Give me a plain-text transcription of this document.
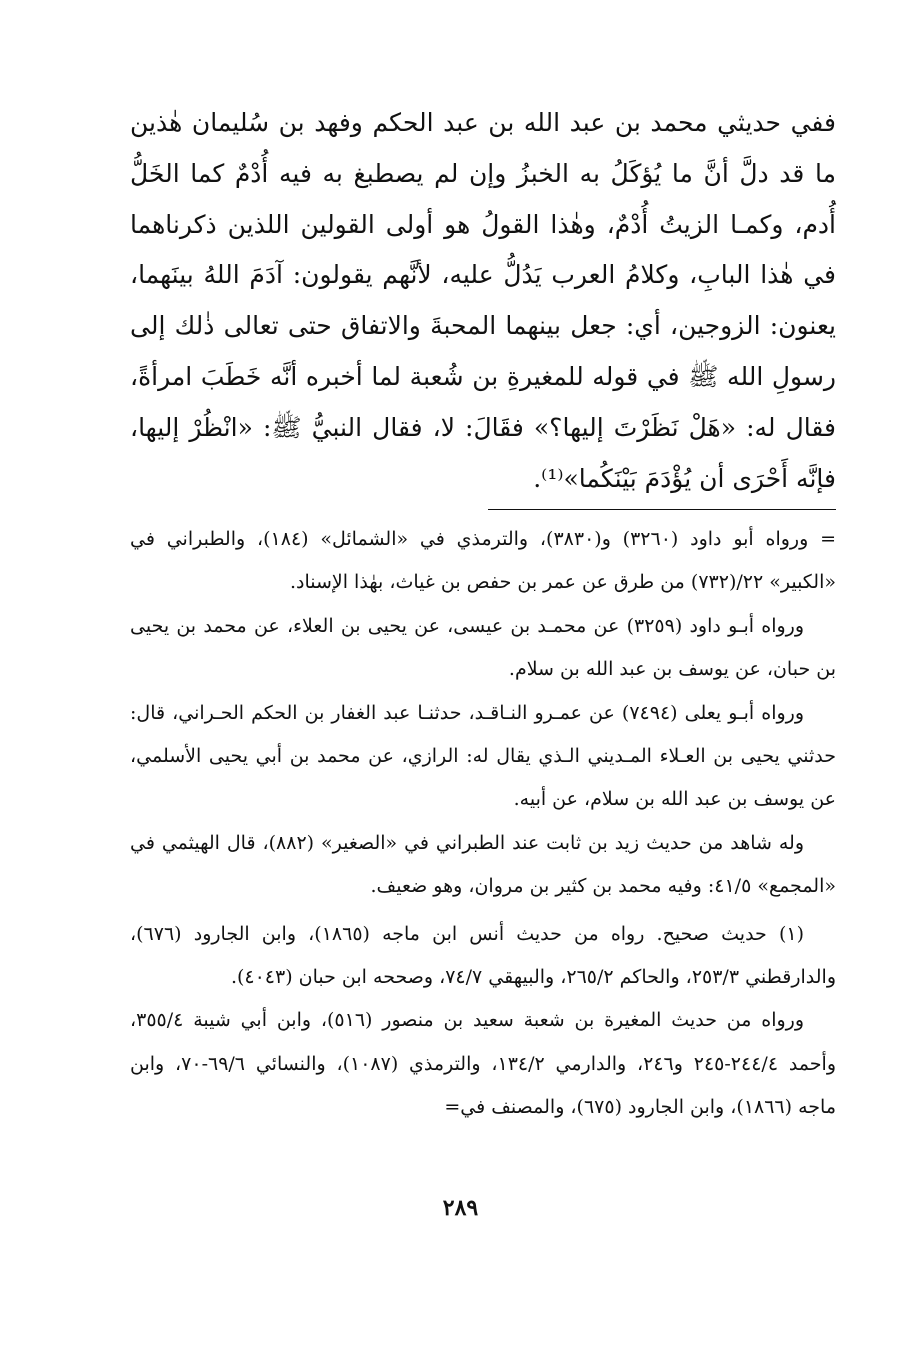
ففي حديثي محمد بن عبد الله بن عبد الحكم وفهد بن سُليمان هٰذين ما قد دلَّ أنَّ ما يُؤكَلُ به الخبزُ وإن لم يصطبغ به فيه أُدْمٌ كما الخَلُّ أُدم، وكمـا الزيتُ أُدْمٌ، وهٰذا القولُ هو أولى القولين اللذين ذكرناهما في هٰذا البابِ، وكلامُ العرب يَدُلُّ عليه، لأنَّهم يقولون: آدَمَ اللهُ بينَهما، يعنون: الزوجين، أي: جعل بينهما المحبةَ والاتفاق حتى تعالى ذٰلك إلى رسولِ الله ﷺ في قوله للمغيرةِ بن شُعبة لما أخبره أنَّه خَطَبَ امرأةً، فقال له: «هَلْ نَظَرْتَ إليها؟» فقَالَ: لا، فقال النبيُّ ﷺ: «انْظُرْ إليها، فإنَّه أَحْرَى أن يُؤْدَمَ بَيْنَكُما»⁽¹⁾.

= ورواه أبو داود (٣٢٦٠) و(٣٨٣٠)، والترمذي في «الشمائل» (١٨٤)، والطبراني في «الكبير» ٢٢/(٧٣٢) من طرق عن عمر بن حفص بن غياث، بهٰذا الإسناد.

ورواه أبـو داود (٣٢٥٩) عن محمـد بن عيسى، عن يحيى بن العلاء، عن محمد بن يحيى بن حبان، عن يوسف بن عبد الله بن سلام.

ورواه أبـو يعلى (٧٤٩٤) عن عمـرو النـاقـد، حدثنـا عبد الغفار بن الحكم الحـراني، قال: حدثني يحيى بن العـلاء المـديني الـذي يقال له: الرازي، عن محمد بن أبي يحيى الأسلمي، عن يوسف بن عبد الله بن سلام، عن أبيه.

وله شاهد من حديث زيد بن ثابت عند الطبراني في «الصغير» (٨٨٢)، قال الهيثمي في «المجمع» ٤١/٥: وفيه محمد بن كثير بن مروان، وهو ضعيف.

(١) حديث صحيح. رواه من حديث أنس ابن ماجه (١٨٦٥)، وابن الجارود (٦٧٦)، والدارقطني ٢٥٣/٣، والحاكم ٢٦٥/٢، والبيهقي ٧٤/٧، وصححه ابن حبان (٤٠٤٣).

ورواه من حديث المغيرة بن شعبة سعيد بن منصور (٥١٦)، وابن أبي شيبة ٣٥٥/٤، وأحمد ٢٤٤/٤-٢٤٥ و٢٤٦، والدارمي ١٣٤/٢، والترمذي (١٠٨٧)، والنسائي ٦٩/٦-٧٠، وابن ماجه (١٨٦٦)، وابن الجارود (٦٧٥)، والمصنف في=

٢٨٩
